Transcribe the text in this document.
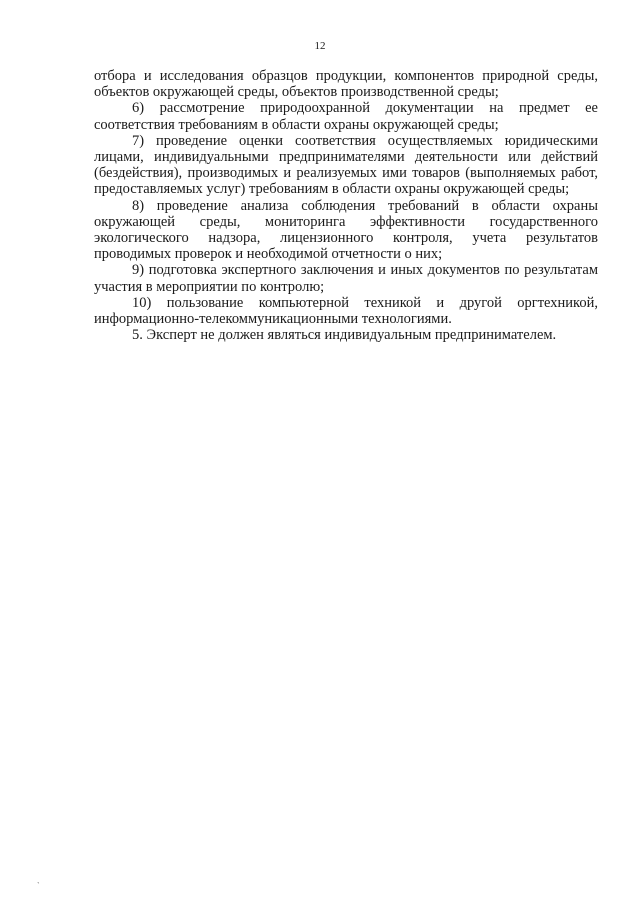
12

отбора и исследования образцов продукции, компонентов природной среды, объектов окружающей среды, объектов производственной среды;

6) рассмотрение природоохранной документации на предмет ее соответствия требованиям в области охраны окружающей среды;

7) проведение оценки соответствия осуществляемых юридическими лицами, индивидуальными предпринимателями деятельности или действий (бездействия), производимых и реализуемых ими товаров (выполняемых работ, предоставляемых услуг) требованиям в области охраны окружающей среды;

8) проведение анализа соблюдения требований в области охраны окружающей среды, мониторинга эффективности государственного экологического надзора, лицензионного контроля, учета результатов проводимых проверок и необходимой отчетности о них;

9) подготовка экспертного заключения и иных документов по результатам участия в мероприятии по контролю;

10) пользование компьютерной техникой и другой оргтехникой, информационно-телекоммуникационными технологиями.

5. Эксперт не должен являться индивидуальным предпринимателем.

`
